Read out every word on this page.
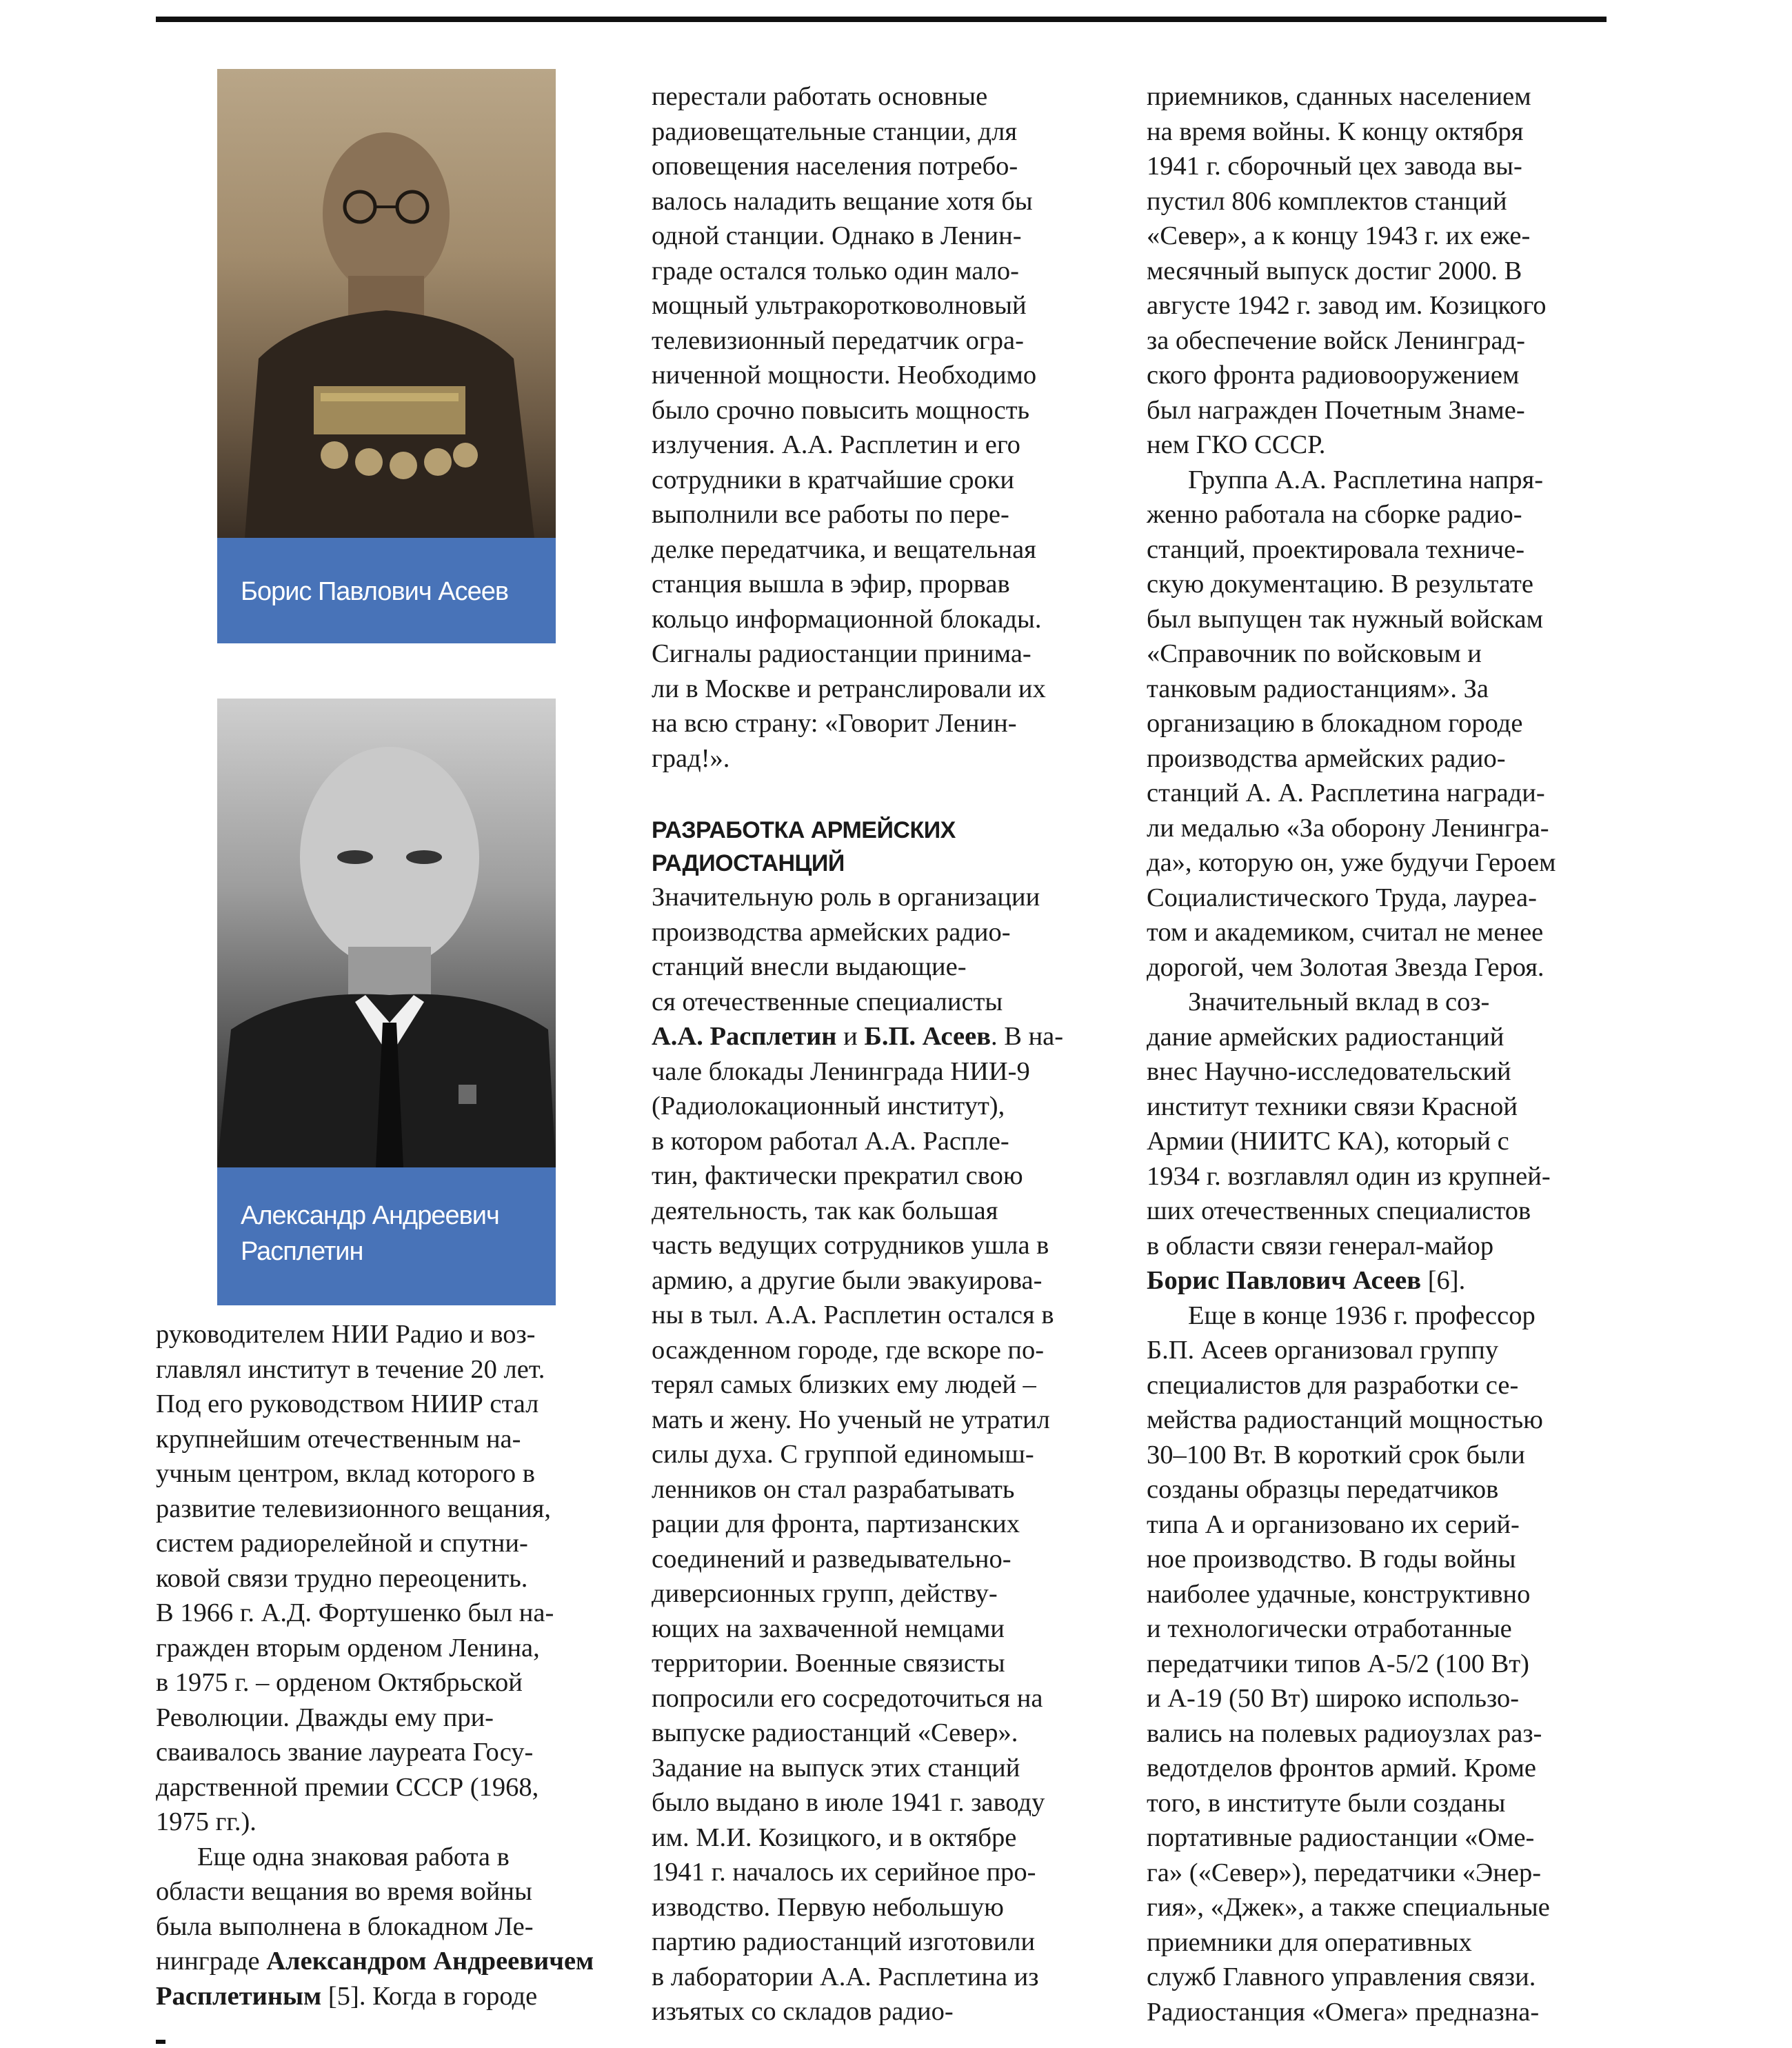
Борис Павлович Асеев
Александр Андреевич
Расплетин

руководителем НИИ Радио и воз-
главлял институт в течение 20 лет.
Под его руководством НИИР стал
крупнейшим отечественным на-
учным центром, вклад которого в
развитие телевизионного вещания,
систем радиорелейной и спутни-
ковой связи трудно переоценить.
В 1966 г. А.Д. Фортушенко был на-
гражден вторым орденом Ленина,
в 1975 г. – орденом Октябрьской
Революции. Дважды ему при-
сваивалось звание лауреата Госу-
дарственной премии СССР (1968,
1975 гг.).

Еще одна знаковая работа в
области вещания во время войны
была выполнена в блокадном Ле-
нинграде Александром Андреевичем
Расплетиным [5]. Когда в городе

перестали работать основные
радиовещательные станции, для
оповещения населения потребо-
валось наладить вещание хотя бы
одной станции. Однако в Ленин-
граде остался только один мало-
мощный ультракоротковолновый
телевизионный передатчик огра-
ниченной мощности. Необходимо
было срочно повысить мощность
излучения. А.А. Расплетин и его
сотрудники в кратчайшие сроки
выполнили все работы по пере-
делке передатчика, и вещательная
станция вышла в эфир, прорвав
кольцо информационной блокады.
Сигналы радиостанции принима-
ли в Москве и ретранслировали их
на всю страну: «Говорит Ленин-
град!».

РАЗРАБОТКА АРМЕЙСКИХ
РАДИОСТАНЦИЙ

Значительную роль в организации
производства армейских радио-
станций внесли выдающие-
ся отечественные специалисты
А.А. Расплетин и Б.П. Асеев. В на-
чале блокады Ленинграда НИИ-9
(Радиолокационный институт),
в котором работал А.А. Распле-
тин, фактически прекратил свою
деятельность, так как большая
часть ведущих сотрудников ушла в
армию, а другие были эвакуирова-
ны в тыл. А.А. Расплетин остался в
осажденном городе, где вскоре по-
терял самых близких ему людей –
мать и жену. Но ученый не утратил
силы духа. С группой единомыш-
ленников он стал разрабатывать
рации для фронта, партизанских
соединений и разведывательно-
диверсионных групп, действу-
ющих на захваченной немцами
территории. Военные связисты
попросили его сосредоточиться на
выпуске радиостанций «Север».
Задание на выпуск этих станций
было выдано в июле 1941 г. заводу
им. М.И. Козицкого, и в октябре
1941 г. началось их серийное про-
изводство. Первую небольшую
партию радиостанций изготовили
в лаборатории А.А. Расплетина из
изъятых со складов радио-

приемников, сданных населением
на время войны. К концу октября
1941 г. сборочный цех завода вы-
пустил 806 комплектов станций
«Север», а к концу 1943 г. их еже-
месячный выпуск достиг 2000. В
августе 1942 г. завод им. Козицкого
за обеспечение войск Ленинград-
ского фронта радиовооружением
был награжден Почетным Знаме-
нем ГКО СССР.

Группа А.А. Расплетина напря-
женно работала на сборке радио-
станций, проектировала техниче-
скую документацию. В результате
был выпущен так нужный войскам
«Справочник по войсковым и
танковым радиостанциям». За
организацию в блокадном городе
производства армейских радио-
станций А. А. Расплетина награди-
ли медалью «За оборону Ленингра-
да», которую он, уже будучи Героем
Социалистического Труда, лауреа-
том и академиком, считал не менее
дорогой, чем Золотая Звезда Героя.

Значительный вклад в соз-
дание армейских радиостанций
внес Научно-исследовательский
институт техники связи Красной
Армии (НИИТС КА), который с
1934 г. возглавлял один из крупней-
ших отечественных специалистов
в области связи генерал-майор
Борис Павлович Асеев [6].

Еще в конце 1936 г. профессор
Б.П. Асеев организовал группу
специалистов для разработки се-
мейства радиостанций мощностью
30–100 Вт. В короткий срок были
созданы образцы передатчиков
типа А и организовано их серий-
ное производство. В годы войны
наиболее удачные, конструктивно
и технологически отработанные
передатчики типов А-5/2 (100 Вт)
и А-19 (50 Вт) широко использо-
вались на полевых радиоузлах раз-
ведотделов фронтов армий. Кроме
того, в институте были созданы
портативные радиостанции «Оме-
га» («Север»), передатчики «Энер-
гия», «Джек», а также специальные
приемники для оперативных
служб Главного управления связи.
Радиостанция «Омега» предназна-
